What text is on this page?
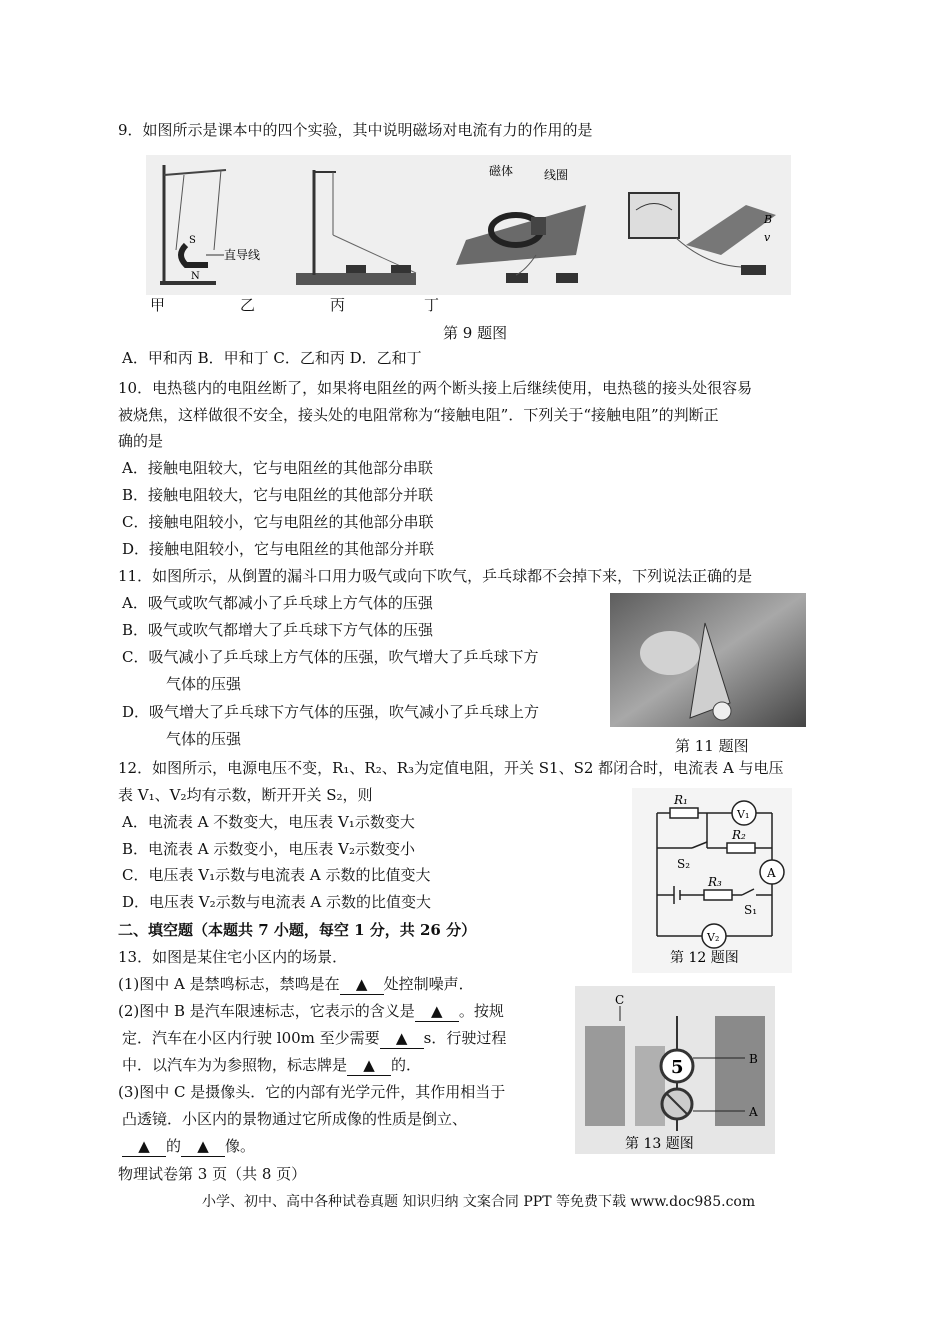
9．如图所示是课本中的四个实验，其中说明磁场对电流有力的作用的是
S
N
直导线
磁体	线圈
B
v
甲	乙	丙	丁
第 9 题图
A．甲和丙 B．甲和丁 C．乙和丙 D．乙和丁
10．电热毯内的电阻丝断了，如果将电阻丝的两个断头接上后继续使用，电热毯的接头处很容易
被烧焦，这样做很不安全，接头处的电阻常称为“接触电阻”．下列关于“接触电阻”的判断正
确的是
A．接触电阻较大，它与电阻丝的其他部分串联
B．接触电阻较大，它与电阻丝的其他部分并联
C．接触电阻较小，它与电阻丝的其他部分串联
D．接触电阻较小，它与电阻丝的其他部分并联
11．如图所示，从倒置的漏斗口用力吸气或向下吹气，乒乓球都不会掉下来，下列说法正确的是
A．吸气或吹气都减小了乒乓球上方气体的压强
B．吸气或吹气都增大了乒乓球下方气体的压强
C．吸气减小了乒乓球上方气体的压强，吹气增大了乒乓球下方
气体的压强
D．吸气增大了乒乓球下方气体的压强，吹气减小了乒乓球上方
气体的压强	第 11 题图
12．如图所示，电源电压不变，R₁、R₂、R₃为定值电阻，开关 S1、S2 都闭合时，电流表 A 与电压
表 V₁、V₂均有示数，断开开关 S₂，则
A．电流表 A 不数变大，电压表 V₁示数变大
B．电流表 A 示数变小，电压表 V₂示数变小
C．电压表 V₁示数与电流表 A 示数的比值变大
D．电压表 V₂示数与电流表 A 示数的比值变大
R₁
R₂
R₃
V₁
A
V₂
S₂
S₁
第 12 题图
二、填空题（本题共 7 小题，每空 1 分，共 26 分）
13．如图是某住宅小区内的场景．
(1)图中 A 是禁鸣标志，禁鸣是在 ▲ 处控制噪声．
(2)图中 B 是汽车限速标志，它表示的含义是 ▲ 。按规
定．汽车在小区内行驶 l00m 至少需要 ▲ s．行驶过程
中．以汽车为为参照物，标志牌是 ▲ 的．
(3)图中 C 是摄像头．它的内部有光学元件，其作用相当于
凸透镜．小区内的景物通过它所成像的性质是倒立、
▲ 的 ▲ 像。
5	B
A
C
第 13 题图
物理试卷第 3 页（共 8 页）
小学、初中、高中各种试卷真题 知识归纳 文案合同 PPT 等免费下载 www.doc985.com
